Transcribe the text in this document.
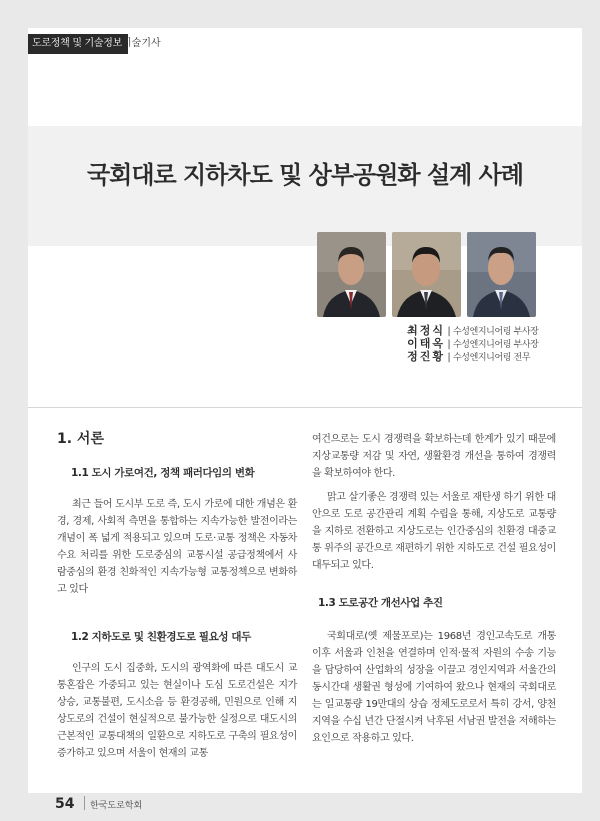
도로정책 및 기술정보 기술기사
국회대로 지하차도 및 상부공원화 설계 사례
최정식 | 수성엔지니어링 부사장
이태옥 | 수성엔지니어링 부사장
정진황 | 수성엔지니어링 전무
1. 서론
1.1 도시 가로여건, 정책 패러다임의 변화

최근 들어 도시부 도로 즉, 도시 가로에 대한 개념은 환경, 경제, 사회적 측면을 통합하는 지속가능한 발전이라는 개념이 폭 넓게 적용되고 있으며 도로·교통 정책은 자동차 수요 처리를 위한 도로중심의 교통시설 공급정책에서 사람중심의 환경 친화적인 지속가능형 교통정책으로 변화하고 있다

1.2 지하도로 및 친환경도로 필요성 대두

인구의 도시 집중화, 도시의 광역화에 따른 대도시 교통혼잡은 가중되고 있는 현실이나 도심 도로건설은 지가상승, 교통불편, 도시소음 등 환경공해, 민원으로 인해 지상도로의 건설이 현실적으로 불가능한 실정으로 대도시의 근본적인 교통대책의 일환으로 지하도로 구축의 필요성이 증가하고 있으며 서울이 현재의 교통

여건으로는 도시 경쟁력을 확보하는데 한계가 있기 때문에 지상교통량 저감 및 자연, 생활환경 개선을 통하여 경쟁력을 확보하여야 한다.

맑고 살기좋은 경쟁력 있는 서울로 재탄생 하기 위한 대안으로 도로 공간관리 계획 수립을 통해, 지상도로 교통량을 지하로 전환하고 지상도로는 인간중심의 친환경 대중교통 위주의 공간으로 재편하기 위한 지하도로 건설 필요성이 대두되고 있다.

1.3 도로공간 개선사업 추진

국회대로(옛 제물포로)는 1968년 경인고속도로 개통 이후 서울과 인천을 연결하며 인적·물적 자원의 수송 기능을 담당하여 산업화의 성장을 이끌고 경인지역과 서울간의 동시간대 생활권 형성에 기여하여 왔으나 현재의 국회대로는 일교통량 19만대의 상습 정체도로로서 특히 강서, 양천 지역을 수십 년간 단절시켜 낙후된 서남권 발전을 저해하는 요인으로 작용하고 있다.

54 한국도로학회
